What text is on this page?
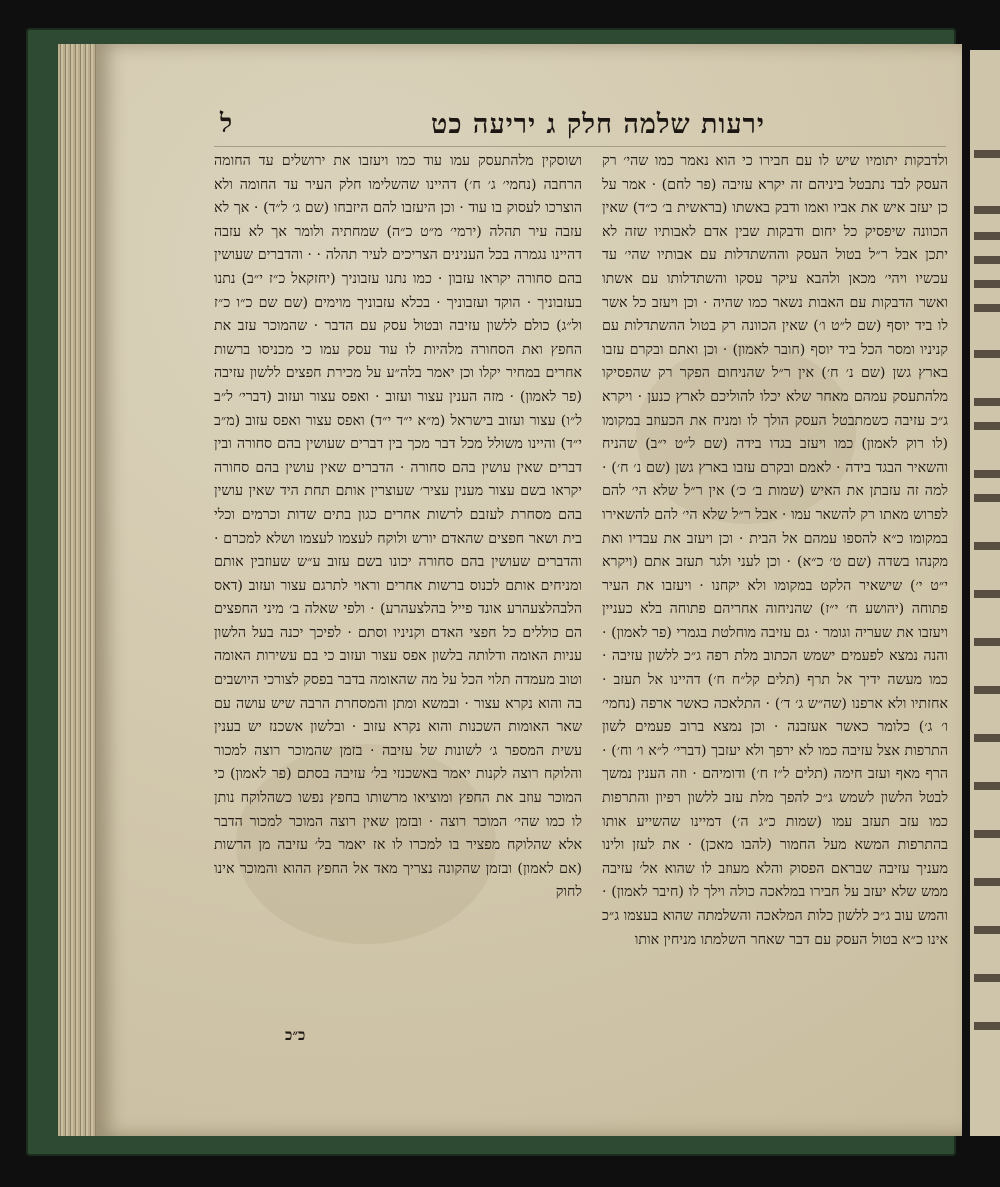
ירעות שלמה חלק ג יריעה כט
ל
ולדבקות יתומיו שיש לו עם חבירו כי הוא נאמר כמו שהי׳ רק העסק לבד נתבטל ביניהם זה יקרא עזיבה (פר לחם) · אמר על כן יעזב איש את אביו ואמו ודבק באשתו (בראשית ב׳ כ״ד) שאין הכוונה שיפסיק כל יחום ודבקות שבין אדם לאבותיו שזה לא יתכן אבל ר״ל בטול העסק וההשתדלות עם אבותיו שהי׳ עד עכשיו ויהי׳ מכאן ולהבא עיקר עסקו והשתדלותו עם אשתו ואשר הדבקות עם האבות נשאר כמו שהיה · וכן ויעזב כל אשר לו ביד יוסף (שם ל״ט ו׳) שאין הכוונה רק בטול ההשתדלות עם קניניו ומסר הכל ביד יוסף (חובר לאמון) · וכן ואתם ובקרם עזבו בארץ גשן (שם נ׳ ח׳) אין ר״ל שהניחום הפקר רק שהפסיקו מלהתעסק עמהם מאחר שלא יכלו להוליכם לארץ כנען · ויקרא ג״כ עזיבה כשמתבטל העסק הולך לו ומניח את הכעוזב במקומו (לו רוק לאמון) כמו ויעזב בגדו בידה (שם ל״ט י״ב) שהניח והשאיר הבגד בידה · לאמם ובקרם עזבו בארץ גשן (שם נ׳ ח׳) · למה זה עזבתן את האיש (שמות ב׳ כ׳) אין ר״ל שלא הי׳ להם לפרוש מאתו רק להשאר עמו · אבל ר״ל שלא הי׳ להם להשאירו במקומו כ״א להספו עמהם אל הבית · וכן ויעזב את עבדיו ואת מקנהו בשדה (שם ט׳ כ״א) · וכן לעני ולגר תעזב אתם (ויקרא י״ט י׳) שישאיר הלקט במקומו ולא יקחנו · ויעזבו את העיר פתוחה (יהושע ח׳ י״ז) שהניחוה אחריהם פתוחה בלא כעניין ויעזבו את שעריה וגומר · גם עזיבה מוחלטת בגמרי (פר לאמון) · והנה נמצא לפעמים ישמש הכתוב מלת רפה ג״כ ללשון עזיבה · כמו מעשה ידיך אל תרף (תלים קל״ח ח׳) דהיינו אל תעזב · אחזתיו ולא ארפנו (שה״ש ג׳ ד׳) · התלאכה כאשר ארפה (נחמי׳ ו׳ ג׳) כלומר כאשר אעזבנה · וכן נמצא ברוב פעמים לשון התרפות אצל עזיבה כמו לא ירפך ולא יעזבך (דברי׳ ל״א ו׳ וח׳) · הרף מאף ועזב חימה (תלים ל״ז ח׳) ודומיהם · וזה הענין נמשך לבטל הלשון לשמש ג״כ להפך מלת עזב ללשון רפיון והתרפות כמו עזב תעזב עמו (שמות כ״ג ה׳) דמיינו שהשייע אותו בהתרפות המשא מעל החמור (להבו מאכן) · את לעזן ולינו מעניך עזיבה שבראם הפסוק והלא מעוזב לו שהוא אל׳ עזיבה ממש שלא יעזב על חבירו במלאכה כולה וילך לו (חיבר לאמון) · והמש עוב ג״כ ללשון כלות המלאכה והשלמתה שהוא בעצמו ג״כ אינו כ״א בטול העסק עם דבר שאחר השלמתו מניחין אותו
ושוסקין מלהתעסק עמו עוד כמו ויעזבו את ירושלים עד החומה הרחבה (נחמי׳ ג׳ ח׳) דהיינו שהשלימו חלק העיר עד החומה ולא הוצרכו לעסוק בו עוד · וכן היעזבו להם היזבחו (שם ג׳ ל״ד) · אך לא עזבה עיר תהלה (ירמי׳ מ״ט כ״ה) שמחתיה ולומר אך לא עזבה דהיינו נגמרה בכל הענינים הצריכים לעיר תהלה · · והדברים שעושין בהם סחורה יקראו עזבון · כמו נתנו עזבוניך (יחזקאל כ״ז י״ב) נתנו בעזבוניך · הוקד ועזבוניך · בכלא עזבוניך מוימים (שם שם כ״ו כ״ז ול״ג) כולם ללשון עזיבה ובטול עסק עם הדבר · שהמוכר עזב את החפץ ואת הסחורה מלהיות לו עוד עסק עמו כי מכניסו ברשות אחרים במחיר יקלו וכן יאמר בלה״ע על מכירת חפצים ללשון עזיבה (פר לאמון) · מזה הענין עצור ועזוב · ואפס עצור ועזוב (דברי׳ ל״ב ל״ו) עצור ועזוב בישראל (מ״א י״ד י״ד) ואפס עצור ואפס עזוב (מ״ב י״ד) והיינו משולל מכל דבר מכך בין דברים שעושין בהם סחורה ובין דברים שאין עושין בהם סחורה · הדברים שאין עושין בהם סחורה יקראו בשם עצור מענין עציר׳ שעוצרין אותם תחת היד שאין עושין בהם מסחרת לעזבם לרשות אחרים כגון בתים שדות וכרמים וכלי בית ושאר חפצים שהאדם יורש ולוקח לעצמו לעצמו ושלא למכרם · והדברים שעושין בהם סחורה יכונו בשם עזוב ע״ש שעוזבין אותם ומניחים אותם לכנוס ברשות אחרים וראוי לתרגם עצור ועזוב (דאס הלבהלצעהרע אונד פייל בהלצעהרע) · ולפי שאלה ב׳ מיני החפצים הם כוללים כל חפצי האדם וקניניו וסתם · לפיכך יכנה בעל הלשון עניות האומה ודלותה בלשון אפס עצור ועזוב כי בם עשירות האומה וטוב מעמדה תלוי הכל על מה שהאומה בדבר בפסק לצורכי היושבים בה והוא נקרא עצור · ובמשא ומתן והמסחרת הרבה שיש עושה עם שאר האומות השכנות והוא נקרא עזוב · ובלשון אשכנז יש בענין עשית המספר ג׳ לשונות של עזיבה · בזמן שהמוכר רוצה למכור והלוקח רוצה לקנות יאמר באשכנזי בל׳ עזיבה בסתם (פר לאמון) כי המוכר עוזב את החפץ ומוציאו מרשותו בחפץ נפשו כשהלוקח נותן לו כמו שהי׳ המוכר רוצה · ובזמן שאין רוצה המוכר למכור הדבר אלא שהלוקח מפציר בו למכרו לו אז יאמר בל׳ עזיבה מן הרשות (אם לאמון) ובזמן שהקונה נצריך מאד אל החפץ ההוא והמוכר אינו לחוק
כ״כ
